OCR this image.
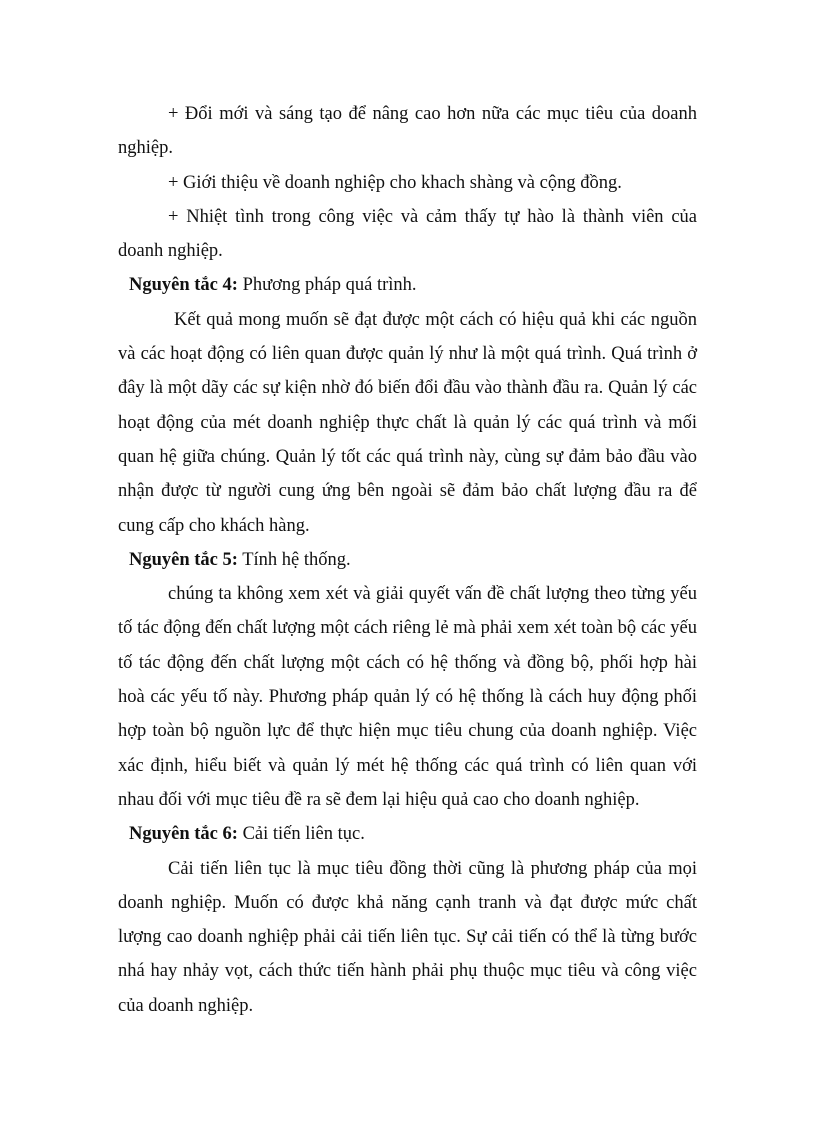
+ Đổi mới và sáng tạo để nâng cao hơn nữa các mục tiêu của doanh nghiệp.

+ Giới thiệu về doanh nghiệp cho khach shàng và cộng đồng.

+ Nhiệt tình trong công việc và cảm thấy tự hào là thành viên của doanh nghiệp.

Nguyên tắc 4: Phương pháp quá trình.

Kết quả mong muốn sẽ đạt được một cách có hiệu quả khi các nguồn và các hoạt động có liên quan được quản lý như là một quá trình. Quá trình ở đây là một dãy các sự kiện nhờ đó biến đổi đầu vào thành đầu ra. Quản lý các hoạt động của mét doanh nghiệp thực chất là quản lý các quá trình và mối quan hệ giữa chúng. Quản lý tốt các quá trình này, cùng sự đảm bảo đầu vào nhận được từ người cung ứng bên ngoài sẽ đảm bảo chất lượng đầu ra để cung cấp cho khách hàng.

Nguyên tắc 5: Tính hệ thống.

chúng ta không xem xét và giải quyết vấn đề chất lượng theo từng yếu tố tác động đến chất lượng một cách riêng lẻ mà phải xem xét toàn bộ các yếu tố tác động đến chất lượng một cách có hệ thống và đồng bộ, phối hợp hài hoà các yếu tố này. Phương pháp quản lý có hệ thống là cách huy động phối hợp toàn bộ nguồn lực để thực hiện mục tiêu chung của doanh nghiệp. Việc xác định, hiểu biết và quản lý mét hệ thống các quá trình có liên quan với nhau đối với mục tiêu đề ra sẽ đem lại hiệu quả cao cho doanh nghiệp.

Nguyên tắc 6: Cải tiến liên tục.

Cải tiến liên tục là mục tiêu đồng thời cũng là phương pháp của mọi doanh nghiệp. Muốn có được khả năng cạnh tranh và đạt được mức chất lượng cao doanh nghiệp phải cải tiến liên tục. Sự cải tiến có thể là từng bước nhá hay nhảy vọt, cách thức tiến hành phải phụ thuộc mục tiêu và công việc của doanh nghiệp.
